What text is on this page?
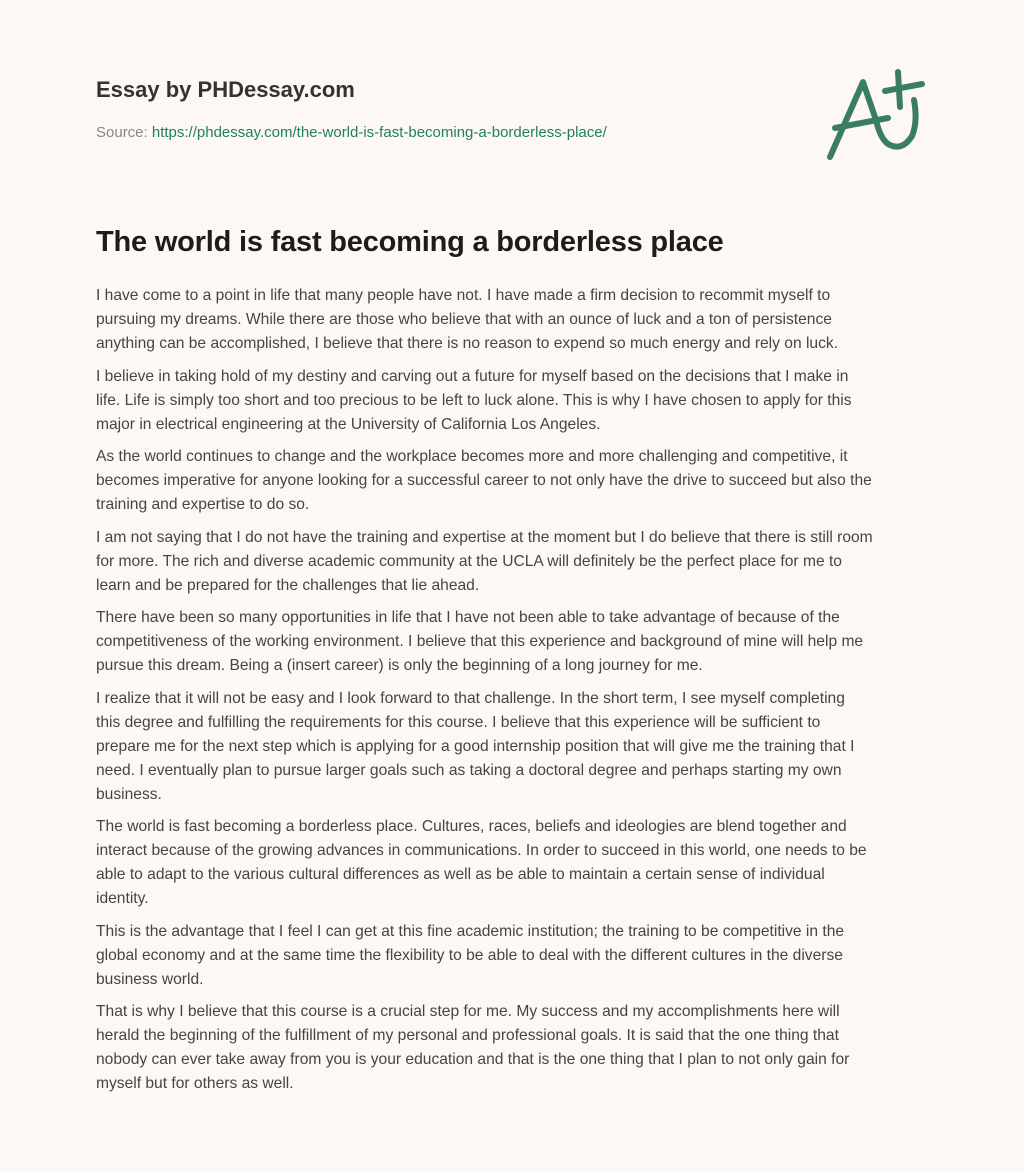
Essay by PHDessay.com
Source: https://phdessay.com/the-world-is-fast-becoming-a-borderless-place/
The world is fast becoming a borderless place

I have come to a point in life that many people have not. I have made a firm decision to recommit myself to
pursuing my dreams. While there are those who believe that with an ounce of luck and a ton of persistence
anything can be accomplished, I believe that there is no reason to expend so much energy and rely on luck.

I believe in taking hold of my destiny and carving out a future for myself based on the decisions that I make in
life. Life is simply too short and too precious to be left to luck alone. This is why I have chosen to apply for this
major in electrical engineering at the University of California Los Angeles.

As the world continues to change and the workplace becomes more and more challenging and competitive, it
becomes imperative for anyone looking for a successful career to not only have the drive to succeed but also the
training and expertise to do so.

I am not saying that I do not have the training and expertise at the moment but I do believe that there is still room
for more. The rich and diverse academic community at the UCLA will definitely be the perfect place for me to
learn and be prepared for the challenges that lie ahead.

There have been so many opportunities in life that I have not been able to take advantage of because of the
competitiveness of the working environment. I believe that this experience and background of mine will help me
pursue this dream. Being a (insert career) is only the beginning of a long journey for me.

I realize that it will not be easy and I look forward to that challenge. In the short term, I see myself completing
this degree and fulfilling the requirements for this course. I believe that this experience will be sufficient to
prepare me for the next step which is applying for a good internship position that will give me the training that I
need. I eventually plan to pursue larger goals such as taking a doctoral degree and perhaps starting my own
business.

The world is fast becoming a borderless place. Cultures, races, beliefs and ideologies are blend together and
interact because of the growing advances in communications. In order to succeed in this world, one needs to be
able to adapt to the various cultural differences as well as be able to maintain a certain sense of individual
identity.

This is the advantage that I feel I can get at this fine academic institution; the training to be competitive in the
global economy and at the same time the flexibility to be able to deal with the different cultures in the diverse
business world.

That is why I believe that this course is a crucial step for me. My success and my accomplishments here will
herald the beginning of the fulfillment of my personal and professional goals. It is said that the one thing that
nobody can ever take away from you is your education and that is the one thing that I plan to not only gain for
myself but for others as well.
